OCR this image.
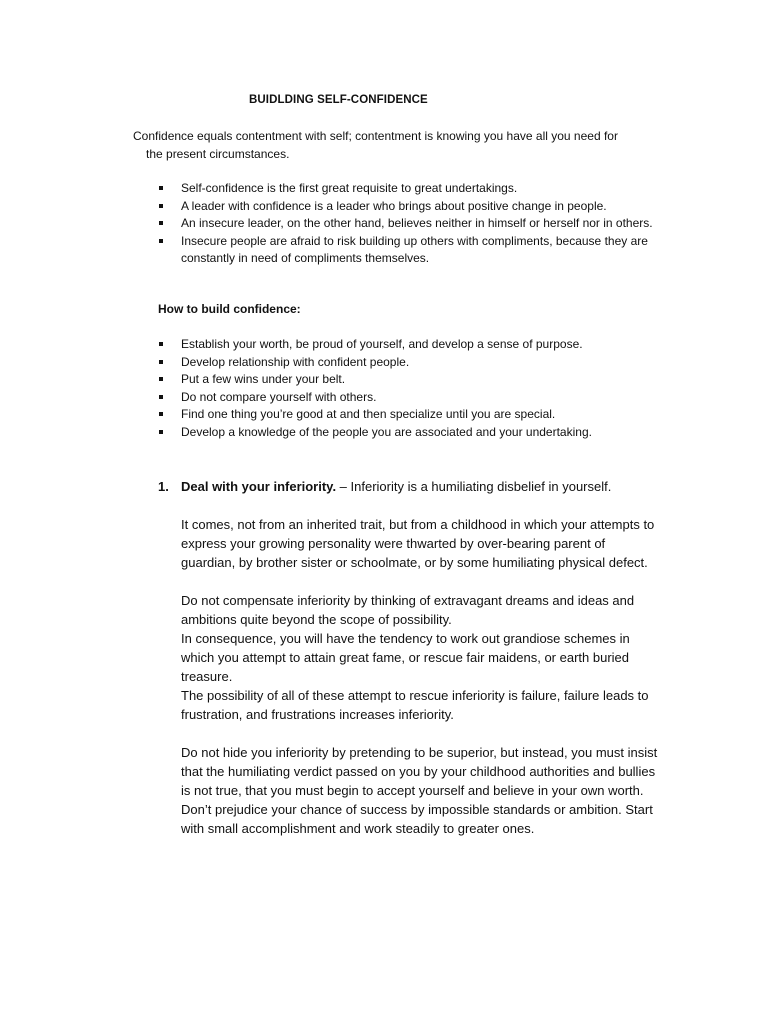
BUIDLDING SELF-CONFIDENCE
Confidence equals contentment with self; contentment is knowing you have all you need for
the present circumstances.
Self-confidence is the first great requisite to great undertakings.
A leader with confidence is a leader who brings about positive change in people.
An insecure leader, on the other hand, believes neither in himself or herself nor in others.
Insecure people are afraid to risk building up others with compliments, because they are constantly in need of compliments themselves.
How to build confidence:
Establish your worth, be proud of yourself, and develop a sense of purpose.
Develop relationship with confident people.
Put a few wins under your belt.
Do not compare yourself with others.
Find one thing you’re good at and then specialize until you are special.
Develop a knowledge of the people you are associated and your undertaking.
1. Deal with your inferiority. – Inferiority is a humiliating disbelief in yourself.

It comes, not from an inherited trait, but from a childhood in which your attempts to express your growing personality were thwarted by over-bearing parent of guardian, by brother sister or schoolmate, or by some humiliating physical defect.

Do not compensate inferiority by thinking of extravagant dreams and ideas and ambitions quite beyond the scope of possibility.

In consequence, you will have the tendency to work out grandiose schemes in which you attempt to attain great fame, or rescue fair maidens, or earth buried treasure.

The possibility of all of these attempt to rescue inferiority is failure, failure leads to frustration, and frustrations increases inferiority.

Do not hide you inferiority by pretending to be superior, but instead, you must insist that the humiliating verdict passed on you by your childhood authorities and bullies is not true, that you must begin to accept yourself and believe in your own worth.

Don’t prejudice your chance of success by impossible standards or ambition. Start with small accomplishment and work steadily to greater ones.
